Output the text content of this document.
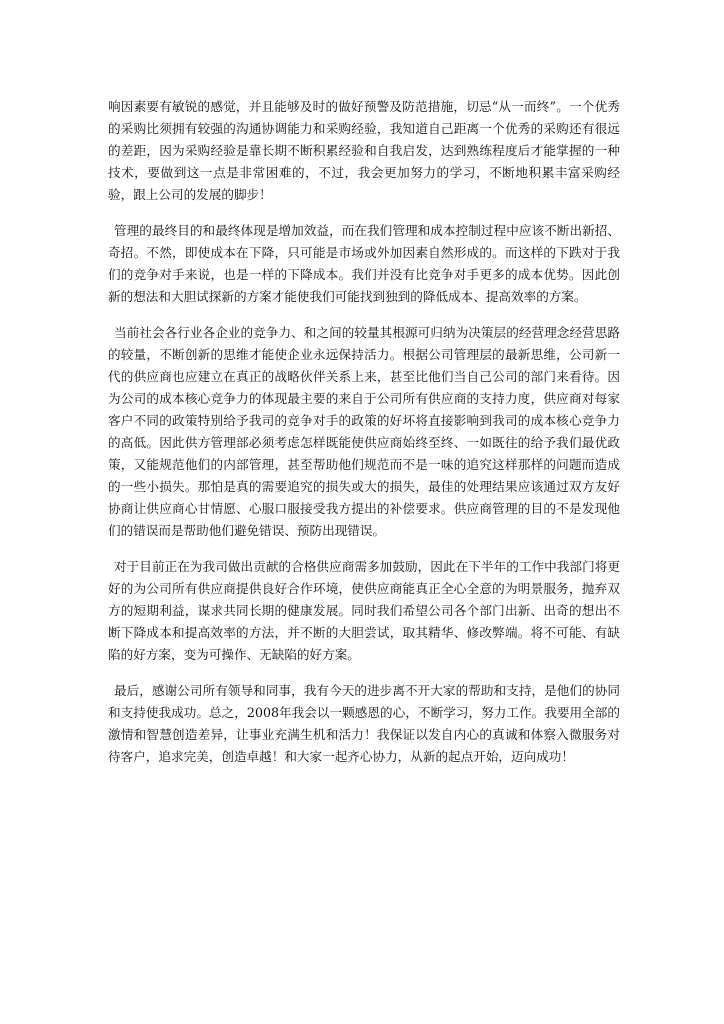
响因素要有敏锐的感觉，并且能够及时的做好预警及防范措施，切忌“从一而终”。一个优秀的采购比须拥有较强的沟通协调能力和采购经验，我知道自己距离一个优秀的采购还有很远的差距，因为采购经验是靠长期不断积累经验和自我启发，达到熟练程度后才能掌握的一种技术，要做到这一点是非常困难的，不过，我会更加努力的学习，不断地积累丰富采购经验，跟上公司的发展的脚步！

管理的最终目的和最终体现是增加效益，而在我们管理和成本控制过程中应该不断出新招、奇招。不然，即使成本在下降，只可能是市场或外加因素自然形成的。而这样的下跌对于我们的竞争对手来说，也是一样的下降成本。我们并没有比竞争对手更多的成本优势。因此创新的想法和大胆试探新的方案才能使我们可能找到独到的降低成本、提高效率的方案。

当前社会各行业各企业的竞争力、和之间的较量其根源可归纳为决策层的经营理念经营思路的较量，不断创新的思维才能使企业永远保持活力。根据公司管理层的最新思维，公司新一代的供应商也应建立在真正的战略伙伴关系上来，甚至比他们当自己公司的部门来看待。因为公司的成本核心竞争力的体现最主要的来自于公司所有供应商的支持力度，供应商对每家客户不同的政策特别给予我司的竞争对手的政策的好坏将直接影响到我司的成本核心竞争力的高低。因此供方管理部必须考虑怎样既能使供应商始终至终、一如既往的给予我们最优政策，又能规范他们的内部管理，甚至帮助他们规范而不是一味的追究这样那样的问题而造成的一些小损失。那怕是真的需要追究的损失或大的损失，最佳的处理结果应该通过双方友好协商让供应商心甘情愿、心服口服接受我方提出的补偿要求。供应商管理的目的不是发现他们的错误而是帮助他们避免错误、预防出现错误。

对于目前正在为我司做出贡献的合格供应商需多加鼓励，因此在下半年的工作中我部门将更好的为公司所有供应商提供良好合作环境，使供应商能真正全心全意的为明景服务，抛弃双方的短期利益，谋求共同长期的健康发展。同时我们希望公司各个部门出新、出奇的想出不断下降成本和提高效率的方法，并不断的大胆尝试，取其精华、修改弊端。将不可能、有缺陷的好方案，变为可操作、无缺陷的好方案。

最后，感谢公司所有领导和同事，我有今天的进步离不开大家的帮助和支持，是他们的协同和支持使我成功。总之，2008年我会以一颗感恩的心，不断学习，努力工作。我要用全部的激情和智慧创造差异，让事业充满生机和活力！我保证以发自内心的真诚和体察入微服务对待客户，追求完美，创造卓越！和大家一起齐心协力，从新的起点开始，迈向成功！
